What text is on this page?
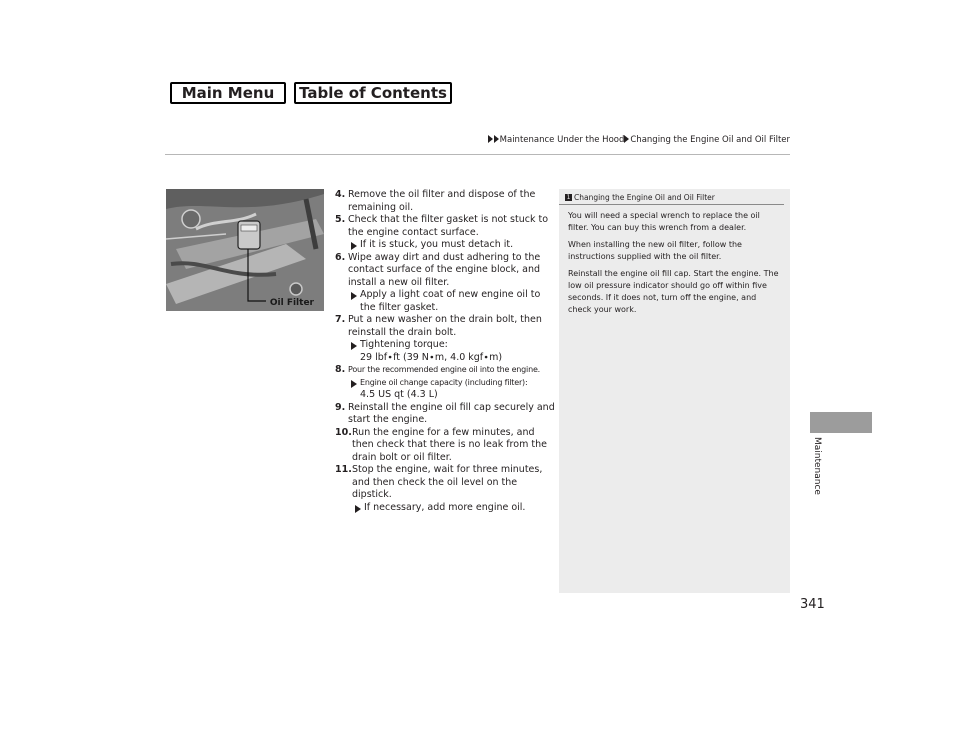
Main Menu	Table of Contents
Maintenance Under the Hood Changing the Engine Oil and Oil Filter
Oil Filter
4. Remove the oil filter and dispose of the remaining oil.
5. Check that the filter gasket is not stuck to the engine contact surface.
If it is stuck, you must detach it.
6. Wipe away dirt and dust adhering to the contact surface of the engine block, and install a new oil filter.
Apply a light coat of new engine oil to the filter gasket.
7. Put a new washer on the drain bolt, then reinstall the drain bolt.
Tightening torque:
29 lbf∙ft (39 N∙m, 4.0 kgf∙m)
8. Pour the recommended engine oil into the engine.
Engine oil change capacity (including filter):
4.5 US qt (4.3 L)
9. Reinstall the engine oil fill cap securely and start the engine.
10. Run the engine for a few minutes, and then check that there is no leak from the drain bolt or oil filter.
11. Stop the engine, wait for three minutes, and then check the oil level on the dipstick.
If necessary, add more engine oil.
1 Changing the Engine Oil and Oil Filter

You will need a special wrench to replace the oil filter. You can buy this wrench from a dealer.

When installing the new oil filter, follow the instructions supplied with the oil filter.

Reinstall the engine oil fill cap. Start the engine. The low oil pressure indicator should go off within five seconds. If it does not, turn off the engine, and check your work.

Maintenance
341
